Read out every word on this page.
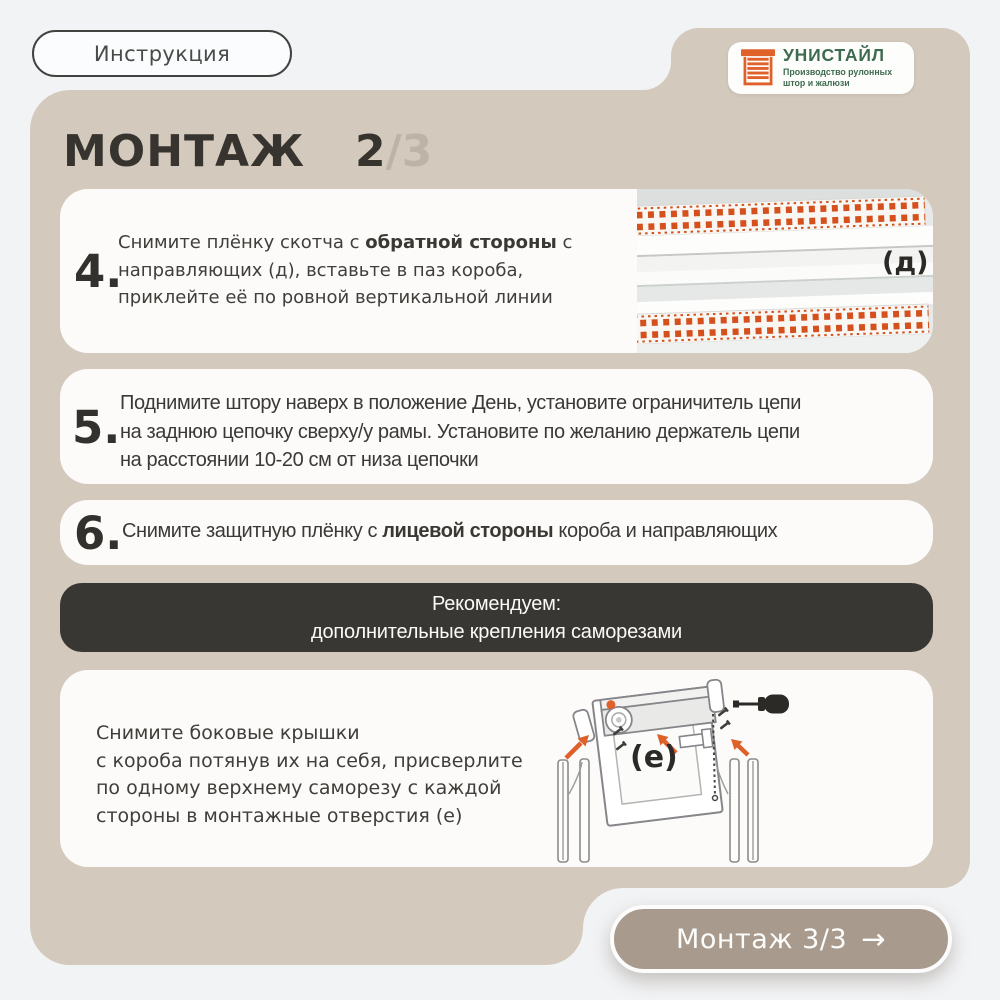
Инструкция	УНИСТАЙЛ
Производство рулонных
штор и жалюзи
МОНТАЖ 2 /3
4.
Снимите плёнку скотча с обратной стороны с направляющих (д), вставьте в паз короба, приклейте её по ровной вертикальной линии
(д)
5. Поднимите штору наверх в положение День, установите ограничитель цепи
на заднюю цепочку сверху/у рамы. Установите по желанию держатель цепи
на расстоянии 10-20 см от низа цепочки
6. Снимите защитную плёнку с лицевой стороны короба и направляющих
Рекомендуем:
дополнительные крепления саморезами
Снимите боковые крышки
с короба потянув их на себя, присверлите
по одному верхнему саморезу с каждой
стороны в монтажные отверстия (е)
(e)
Монтаж 3/3 →
